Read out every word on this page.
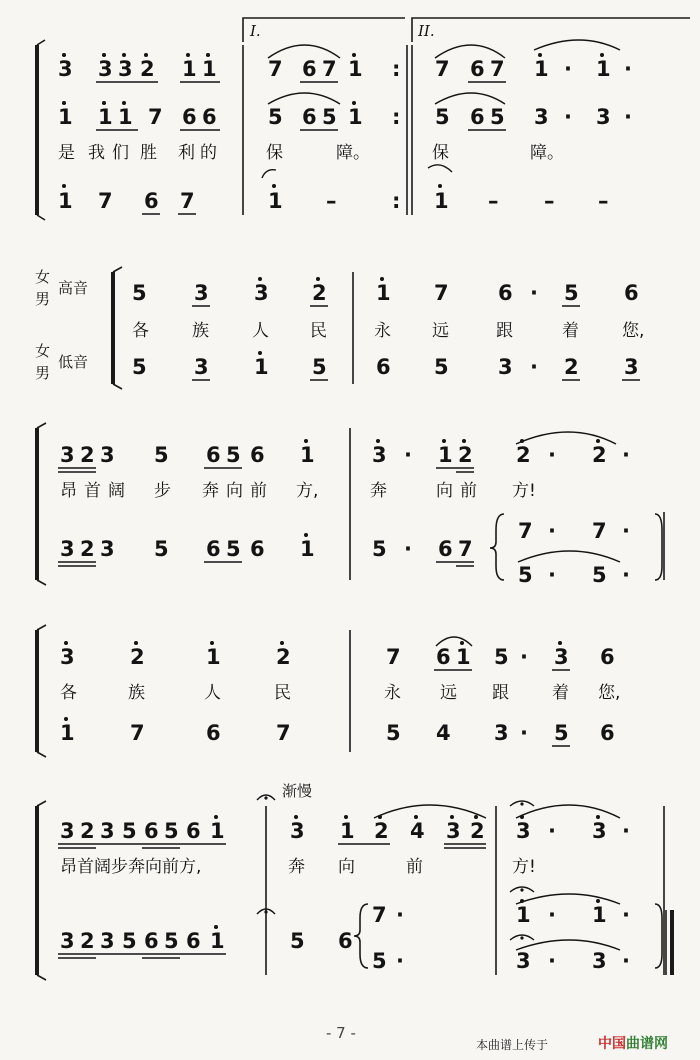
I.	II.
3 3 3 2 1 1 7 6 7 1 : 7 6 7 1 · 1 ·
1 1 1 7 6 6 5 6 5 1 : 5 6 5 3 · 3 ·
是 我 们 胜 利 的	保	障。	保	障。
1 7 6 7	1 –	: 1 – – –
女
男
高音
女
男
低音
5 3 3 2 1 7 6 · 5 6
各	族	人 民	永 远	跟	着	您,
5 3 1 5 6 5 3 · 2 3
3 2 3 5 6 5 6 1	3 · 1 2 2 · 2 ·
昂 首 阔 步 奔 向 前 方,	奔	向 前 方!
3 2 3 5 6 5 6 1	5 · 6 7
7 · 7 ·
5 · 5 ·
3	2	1	2	7 6 1 5 · 3 6
各	族	人	民	永 远 跟	着 您,
1	7	6	7	5 4 3 · 5 6
渐慢
3 2 3 5 6 5 6 1	3 1 2 4 3 2 3 · 3 ·
昂首阔步奔向前方,	奔 向	前	方!
3 2 3 5 6 5 6 1	5 6
7 ·	1 · 1 ·
5 ·	3 · 3 ·
- 7 -
本曲谱上传于	中国曲谱网
